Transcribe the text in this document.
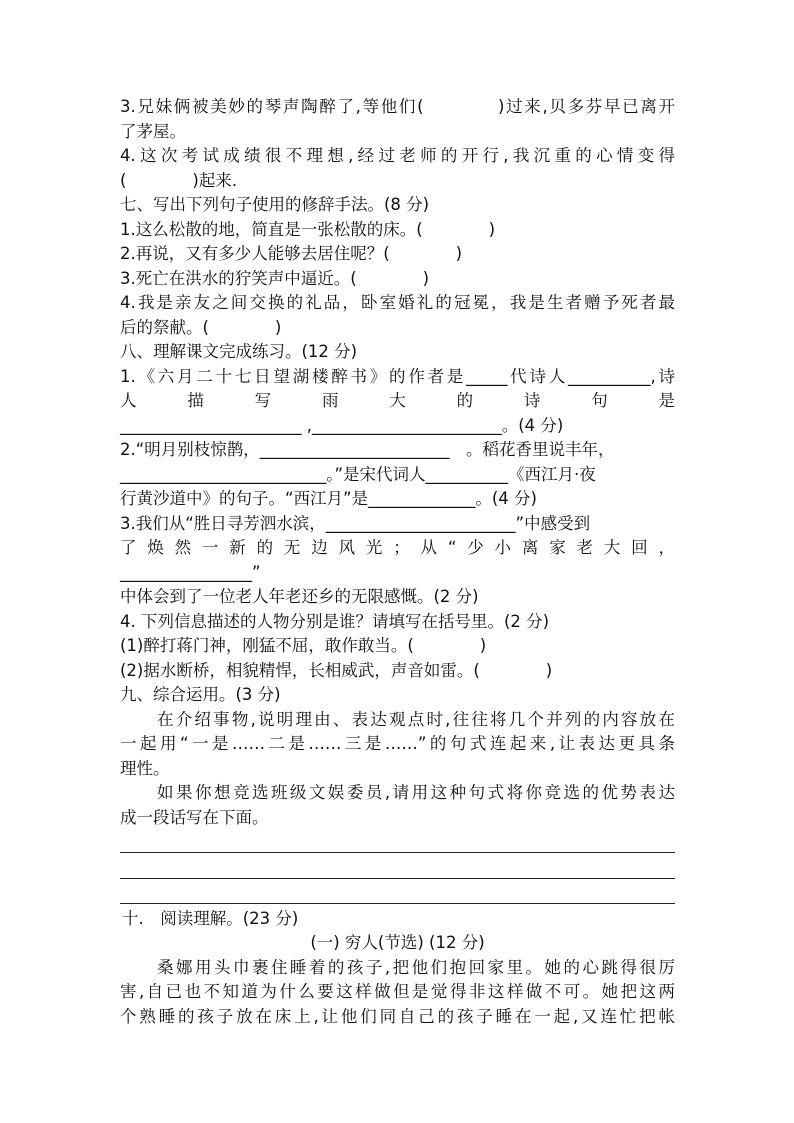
3.兄妹俩被美妙的琴声陶醉了,等他们(　　　　)过来,贝多芬早已离开
了茅屋。
4.这次考试成绩很不理想,经过老师的开行,我沉重的心情变得
(　　　　)起来.
七、写出下列句子使用的修辞手法。(8 分)
1.这么松散的地，简直是一张松散的床。(　　　　)
2.再说，又有多少人能够去居住呢？(　　　　)
3.死亡在洪水的狞笑声中逼近。(　　　　)
4.我是亲友之间交换的礼品，卧室婚礼的冠冕，我是生者赠予死者最
后的祭献。(　　　　)
八、理解课文完成练习。(12 分)
1.《六月二十七日望湖楼醉书》的作者是_____代诗人__________,诗
人　描　写　雨　大　的　诗　句　是
______________________ ,_______________________。(4 分)
2.“明月别枝惊鹊，_______________________　。稻花香里说丰年，
_________________________。”是宋代词人__________《西江月·夜
行黄沙道中》的句子。“西江月”是_____________。(4 分)
3.我们从“胜日寻芳泗水滨，_______________________”中感受到
了焕然一新的无边风光；从“少小离家老大回，
________________”
中体会到了一位老人年老还乡的无限感慨。(2 分)
4. 下列信息描述的人物分别是谁？请填写在括号里。(2 分)
(1)醉打蒋门神，刚猛不屈，敢作敢当。(　　　　)
(2)据水断桥，相貌精悍，长相威武，声音如雷。(　　　　)
九、综合运用。(3 分)
在介绍事物,说明理由、表达观点时,往往将几个并列的内容放在
一起用“一是……二是……三是……”的句式连起来,让表达更具条
理性。
如果你想竞选班级文娱委员,请用这种句式将你竞选的优势表达
成一段话写在下面。
十.　阅读理解。(23 分)
(一) 穷人(节选) (12 分)
桑娜用头巾裹住睡着的孩子,把他们抱回家里。她的心跳得很厉
害,自已也不知道为什么要这样做但是觉得非这样做不可。她把这两
个熟睡的孩子放在床上,让他们同自己的孩子睡在一起,又连忙把帐
